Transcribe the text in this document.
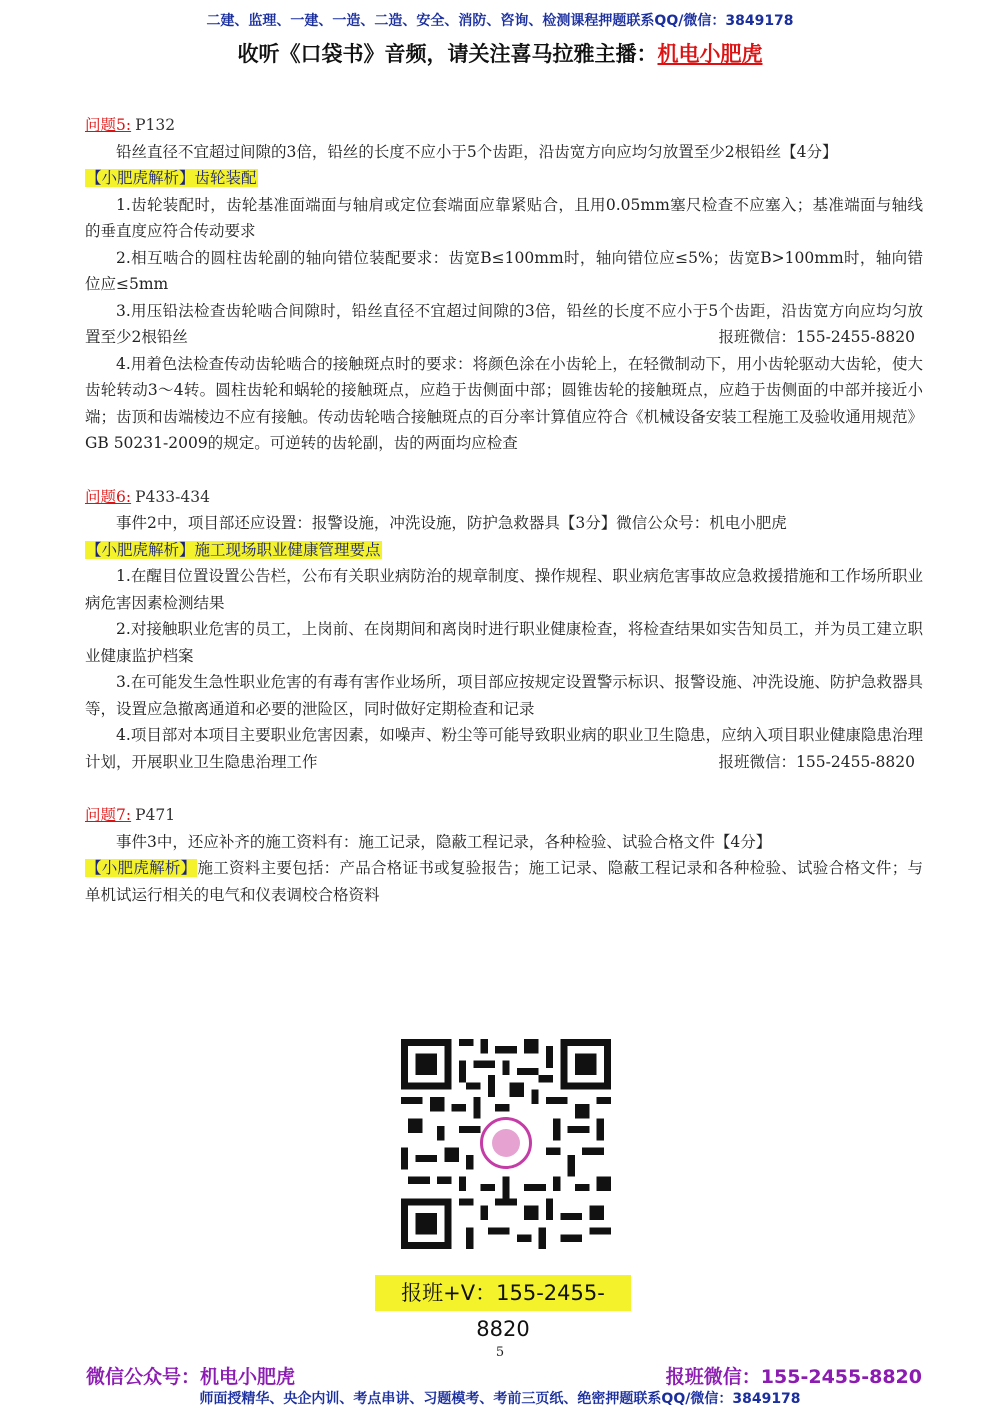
二建、监理、一建、一造、二造、安全、消防、咨询、检测课程押题联系QQ/微信：3849178
收听《口袋书》音频，请关注喜马拉雅主播：机电小肥虎

问题5: P132

铅丝直径不宜超过间隙的3倍，铅丝的长度不应小于5个齿距，沿齿宽方向应均匀放置至少2根铅丝【4分】

【小肥虎解析】齿轮装配

1.齿轮装配时，齿轮基准面端面与轴肩或定位套端面应靠紧贴合，且用0.05mm塞尺检查不应塞入；基准端面与轴线的垂直度应符合传动要求

2.相互啮合的圆柱齿轮副的轴向错位装配要求：齿宽B≤100mm时，轴向错位应≤5%；齿宽B>100mm时，轴向错位应≤5mm

3.用压铅法检查齿轮啮合间隙时，铅丝直径不宜超过间隙的3倍，铅丝的长度不应小于5个齿距，沿齿宽方向应均匀放置至少2根铅丝	报班微信：155-2455-8820

4.用着色法检查传动齿轮啮合的接触斑点时的要求：将颜色涂在小齿轮上，在轻微制动下，用小齿轮驱动大齿轮，使大齿轮转动3～4转。圆柱齿轮和蜗轮的接触斑点，应趋于齿侧面中部；圆锥齿轮的接触斑点，应趋于齿侧面的中部并接近小端；齿顶和齿端棱边不应有接触。传动齿轮啮合接触斑点的百分率计算值应符合《机械设备安装工程施工及验收通用规范》GB 50231-2009的规定。可逆转的齿轮副，齿的两面均应检查

问题6: P433-434

事件2中，项目部还应设置：报警设施，冲洗设施，防护急救器具【3分】微信公众号：机电小肥虎

【小肥虎解析】施工现场职业健康管理要点

1.在醒目位置设置公告栏，公布有关职业病防治的规章制度、操作规程、职业病危害事故应急救援措施和工作场所职业病危害因素检测结果

2.对接触职业危害的员工，上岗前、在岗期间和离岗时进行职业健康检查，将检查结果如实告知员工，并为员工建立职业健康监护档案

3.在可能发生急性职业危害的有毒有害作业场所，项目部应按规定设置警示标识、报警设施、冲洗设施、防护急救器具等，设置应急撤离通道和必要的泄险区，同时做好定期检查和记录

4.项目部对本项目主要职业危害因素，如噪声、粉尘等可能导致职业病的职业卫生隐患，应纳入项目职业健康隐患治理计划，开展职业卫生隐患治理工作	报班微信：155-2455-8820

问题7: P471

事件3中，还应补齐的施工资料有：施工记录，隐蔽工程记录，各种检验、试验合格文件【4分】

【小肥虎解析】施工资料主要包括：产品合格证书或复验报告；施工记录、隐蔽工程记录和各种检验、试验合格文件；与单机试运行相关的电气和仪表调校合格资料

报班+V：155-2455-8820
5
微信公众号：机电小肥虎	报班微信：155-2455-8820
师面授精华、央企内训、考点串讲、习题模考、考前三页纸、绝密押题联系QQ/微信：3849178
